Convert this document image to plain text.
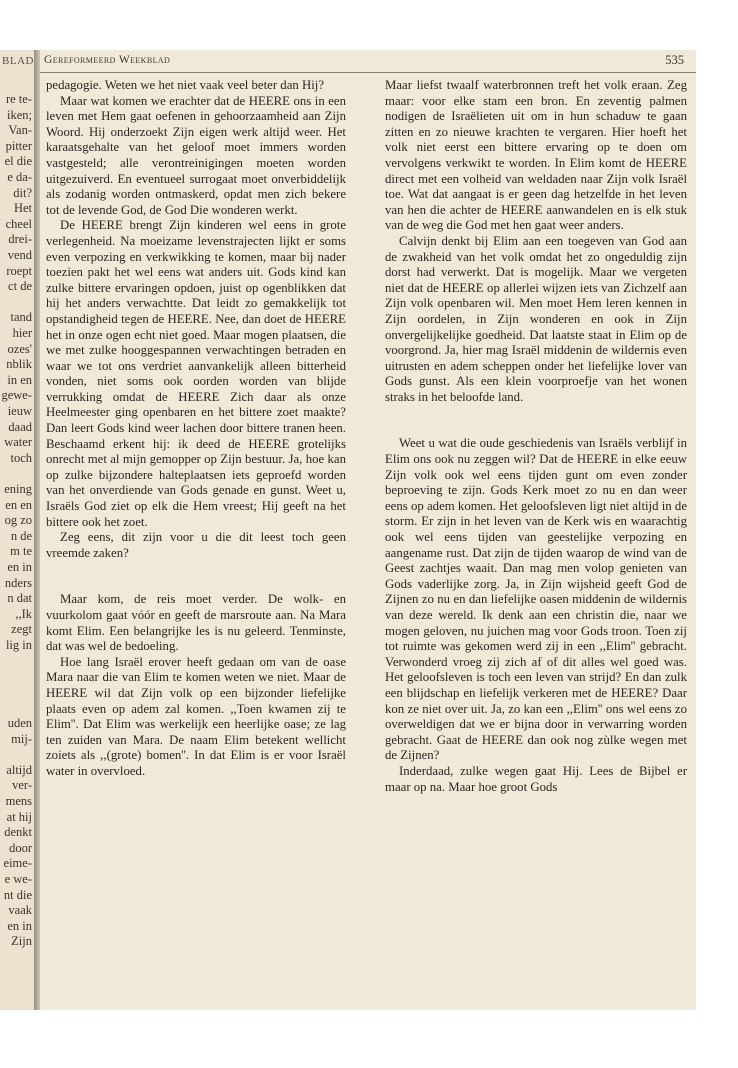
BLAD
re te-
iken;
Van-
pitter
el die
e da-
dit?
Het
cheel
drei-
vend
roept
ct de
tand
hier
ozes'
nblik
in en
gewe-
ieuw
daad
water
toch
ening
en en
og zo
n de
m te
en in
nders
n dat
,,Ik
zegt
lig in
uden
mij-
altijd
ver-
mens
at hij
denkt
door
eime-
e we-
nt die
vaak
en in
Zijn
Gereformeerd Weekblad	535

pedagogie. Weten we het niet vaak veel beter dan Hij?

Maar wat komen we erachter dat de HEERE ons in een leven met Hem gaat oefenen in gehoorzaamheid aan Zijn Woord. Hij onderzoekt Zijn eigen werk altijd weer. Het karaatsgehalte van het geloof moet immers worden vastgesteld; alle verontreinigingen moeten worden uitgezuiverd. En eventueel surrogaat moet onverbiddelijk als zodanig worden ontmaskerd, opdat men zich bekere tot de levende God, de God Die wonderen werkt.

De HEERE brengt Zijn kinderen wel eens in grote verlegenheid. Na moeizame levenstrajecten lijkt er soms even verpozing en verkwikking te komen, maar bij nader toezien pakt het wel eens wat anders uit. Gods kind kan zulke bittere ervaringen opdoen, juist op ogenblikken dat hij het anders verwachtte. Dat leidt zo gemakkelijk tot opstandigheid tegen de HEERE. Nee, dan doet de HEERE het in onze ogen echt niet goed. Maar mogen plaatsen, die we met zulke hooggespannen verwachtingen betraden en waar we tot ons verdriet aanvankelijk alleen bitterheid vonden, niet soms ook oorden worden van blijde verrukking omdat de HEERE Zich daar als onze Heelmeester ging openbaren en het bittere zoet maakte? Dan leert Gods kind weer lachen door bittere tranen heen. Beschaamd erkent hij: ik deed de HEERE grotelijks onrecht met al mijn gemopper op Zijn bestuur. Ja, hoe kan op zulke bijzondere halteplaatsen iets geproefd worden van het onverdiende van Gods genade en gunst. Weet u, Israëls God ziet op elk die Hem vreest; Hij geeft na het bittere ook het zoet.

Zeg eens, dit zijn voor u die dit leest toch geen vreemde zaken?

Maar kom, de reis moet verder. De wolk- en vuurkolom gaat vóór en geeft de marsroute aan. Na Mara komt Elim. Een belangrijke les is nu geleerd. Tenminste, dat was wel de bedoeling.

Hoe lang Israël erover heeft gedaan om van de oase Mara naar die van Elim te komen weten we niet. Maar de HEERE wil dat Zijn volk op een bijzonder liefelijke plaats even op adem zal komen. ,,Toen kwamen zij te Elim''. Dat Elim was werkelijk een heerlijke oase; ze lag ten zuiden van Mara. De naam Elim betekent wellicht zoiets als ,,(grote) bomen''. In dat Elim is er voor Israël water in overvloed.

Maar liefst twaalf waterbronnen treft het volk eraan. Zeg maar: voor elke stam een bron. En zeventig palmen nodigen de Israëlieten uit om in hun schaduw te gaan zitten en zo nieuwe krachten te vergaren. Hier hoeft het volk niet eerst een bittere ervaring op te doen om vervolgens verkwikt te worden. In Elim komt de HEERE direct met een volheid van weldaden naar Zijn volk Israël toe. Wat dat aangaat is er geen dag hetzelfde in het leven van hen die achter de HEERE aanwandelen en is elk stuk van de weg die God met hen gaat weer anders.

Calvijn denkt bij Elim aan een toegeven van God aan de zwakheid van het volk omdat het zo ongeduldig zijn dorst had verwerkt. Dat is mogelijk. Maar we vergeten niet dat de HEERE op allerlei wijzen iets van Zichzelf aan Zijn volk openbaren wil. Men moet Hem leren kennen in Zijn oordelen, in Zijn wonderen en ook in Zijn onvergelijkelijke goedheid. Dat laatste staat in Elim op de voorgrond. Ja, hier mag Israël middenin de wildernis even uitrusten en adem scheppen onder het liefelijke lover van Gods gunst. Als een klein voorproefje van het wonen straks in het beloofde land.

Weet u wat die oude geschiedenis van Israëls verblijf in Elim ons ook nu zeggen wil? Dat de HEERE in elke eeuw Zijn volk ook wel eens tijden gunt om even zonder beproeving te zijn. Gods Kerk moet zo nu en dan weer eens op adem komen. Het geloofsleven ligt niet altijd in de storm. Er zijn in het leven van de Kerk wis en waarachtig ook wel eens tijden van geestelijke verpozing en aangename rust. Dat zijn de tijden waarop de wind van de Geest zachtjes waait. Dan mag men volop genieten van Gods vaderlijke zorg. Ja, in Zijn wijsheid geeft God de Zijnen zo nu en dan liefelijke oasen middenin de wildernis van deze wereld. Ik denk aan een christin die, naar we mogen geloven, nu juichen mag voor Gods troon. Toen zij tot ruimte was gekomen werd zij in een ,,Elim'' gebracht. Verwonderd vroeg zij zich af of dit alles wel goed was. Het geloofsleven is toch een leven van strijd? En dan zulk een blijdschap en liefelijk verkeren met de HEERE? Daar kon ze niet over uit. Ja, zo kan een ,,Elim'' ons wel eens zo overweldigen dat we er bijna door in verwarring worden gebracht. Gaat de HEERE dan ook nog zùlke wegen met de Zijnen?

Inderdaad, zulke wegen gaat Hij. Lees de Bijbel er maar op na. Maar hoe groot Gods
